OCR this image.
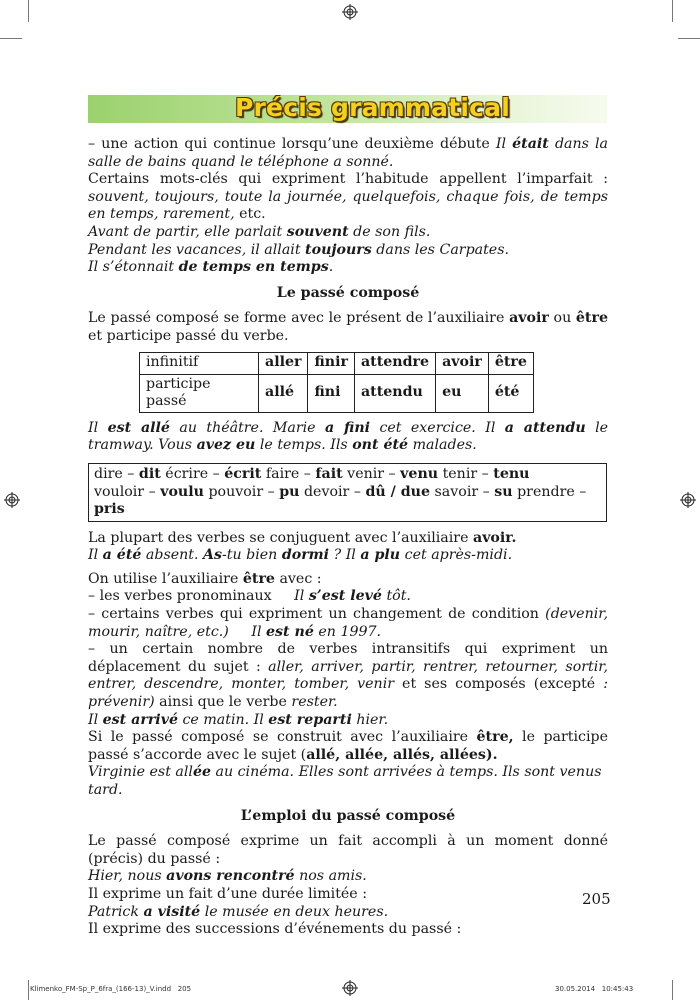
Précis grammatical

– une action qui continue lorsqu’une deuxième débute Il était dans la salle de bains quand le téléphone a sonné.

Certains mots-clés qui expriment l’habitude appellent l’imparfait : souvent, toujours, toute la journée, quelquefois, chaque fois, de temps en temps, rarement, etc.

Avant de partir, elle parlait souvent de son fils.

Pendant les vacances, il allait toujours dans les Carpates.

Il s’étonnait de temps en temps.

Le passé composé

Le passé composé se forme avec le présent de l’auxiliaire avoir ou être et participe passé du verbe.

infinitif	aller	finir	attendre	avoir	être
participe passé	allé	fini	attendu	eu	été

Il est allé au théâtre. Marie a fini cet exercice. Il a attendu le tramway. Vous avez eu le temps. Ils ont été malades.

dire – dit écrire – écrit faire – fait venir – venu tenir – tenu
vouloir – voulu pouvoir – pu devoir – dû / due savoir – su prendre – pris

La plupart des verbes se conjuguent avec l’auxiliaire avoir.

Il a été absent. As-tu bien dormi ? Il a plu cet après-midi.

On utilise l’auxiliaire être avec :

– les verbes pronominaux     Il s’est levé tôt.

– certains verbes qui expriment un changement de condition (devenir, mourir, naître, etc.)     Il est né en 1997.

– un certain nombre de verbes intransitifs qui expriment un déplacement du sujet : aller, arriver, partir, rentrer, retourner, sortir, entrer, descendre, monter, tomber, venir et ses composés (excepté : prévenir) ainsi que le verbe rester.

Il est arrivé ce matin. Il est reparti hier.

Si le passé composé se construit avec l’auxiliaire être, le participe passé s’accorde avec le sujet (allé, allée, allés, allées).

Virginie est allée au cinéma. Elles sont arrivées à temps. Ils sont venus tard.

L’emploi du passé composé

Le passé composé exprime un fait accompli à un moment donné (précis) du passé :

Hier, nous avons rencontré nos amis.

Il exprime un fait d’une durée limitée :

Patrick a visité le musée en deux heures.

Il exprime des successions d’événements du passé :

205
Klimenko_FM-Sp_P_6fra_(166-13)_V.indd   205	30.05.2014   10:45:43
